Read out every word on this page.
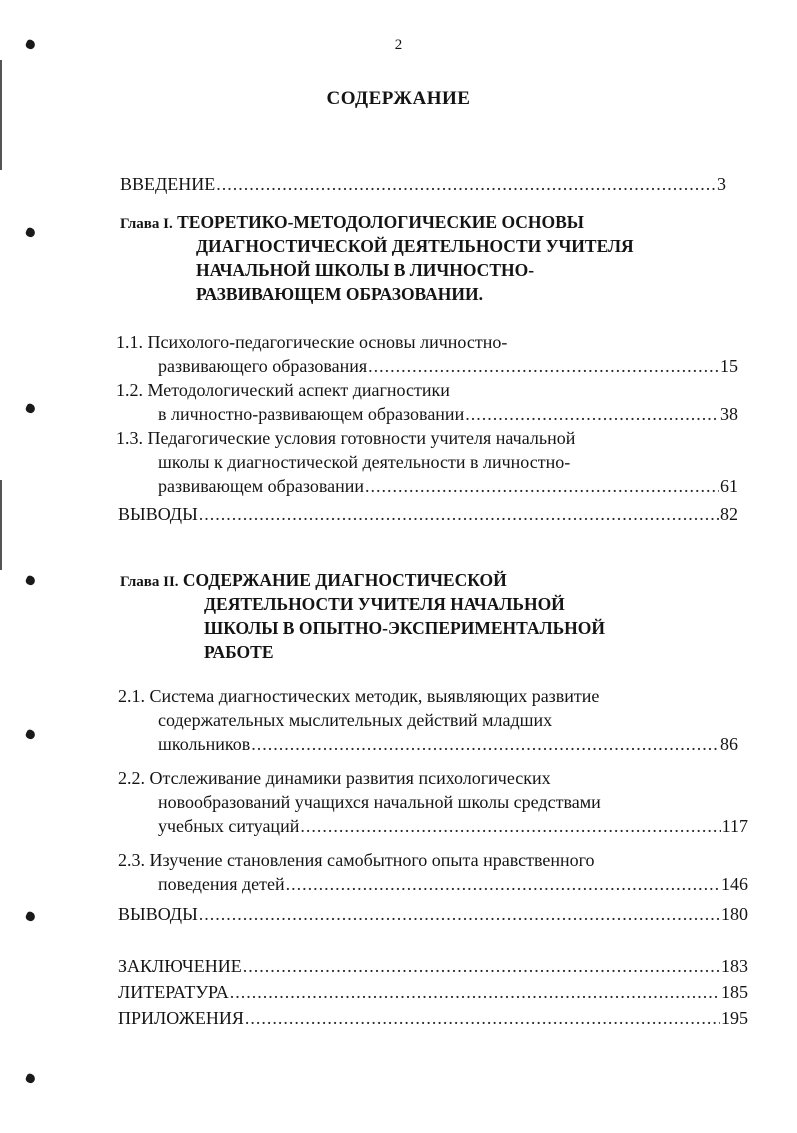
2
СОДЕРЖАНИЕ
ВВЕДЕНИЕ .....	3
Глава I. ТЕОРЕТИКО-МЕТОДОЛОГИЧЕСКИЕ ОСНОВЫ
ДИАГНОСТИЧЕСКОЙ ДЕЯТЕЛЬНОСТИ УЧИТЕЛЯ
НАЧАЛЬНОЙ ШКОЛЫ В ЛИЧНОСТНО-
РАЗВИВАЮЩЕМ ОБРАЗОВАНИИ.
1.1. Психолого-педагогические основы личностно-
развивающего образования .....	15
1.2. Методологический аспект диагностики
в личностно-развивающем образовании .....	38
1.3. Педагогические условия готовности учителя начальной
школы к диагностической деятельности в личностно-
развивающем образовании .....	61
ВЫВОДЫ .....	82
Глава II. СОДЕРЖАНИЕ ДИАГНОСТИЧЕСКОЙ
ДЕЯТЕЛЬНОСТИ УЧИТЕЛЯ НАЧАЛЬНОЙ
ШКОЛЫ В ОПЫТНО-ЭКСПЕРИМЕНТАЛЬНОЙ
РАБОТЕ
2.1. Система диагностических методик, выявляющих развитие
содержательных мыслительных действий младших
школьников .....	86
2.2. Отслеживание динамики развития психологических
новообразований учащихся начальной школы средствами
учебных ситуаций .....	117
2.3. Изучение становления самобытного опыта нравственного
поведения детей .....	146
ВЫВОДЫ .....	180
ЗАКЛЮЧЕНИЕ .....	183
ЛИТЕРАТУРА .....	185
ПРИЛОЖЕНИЯ .....	195
